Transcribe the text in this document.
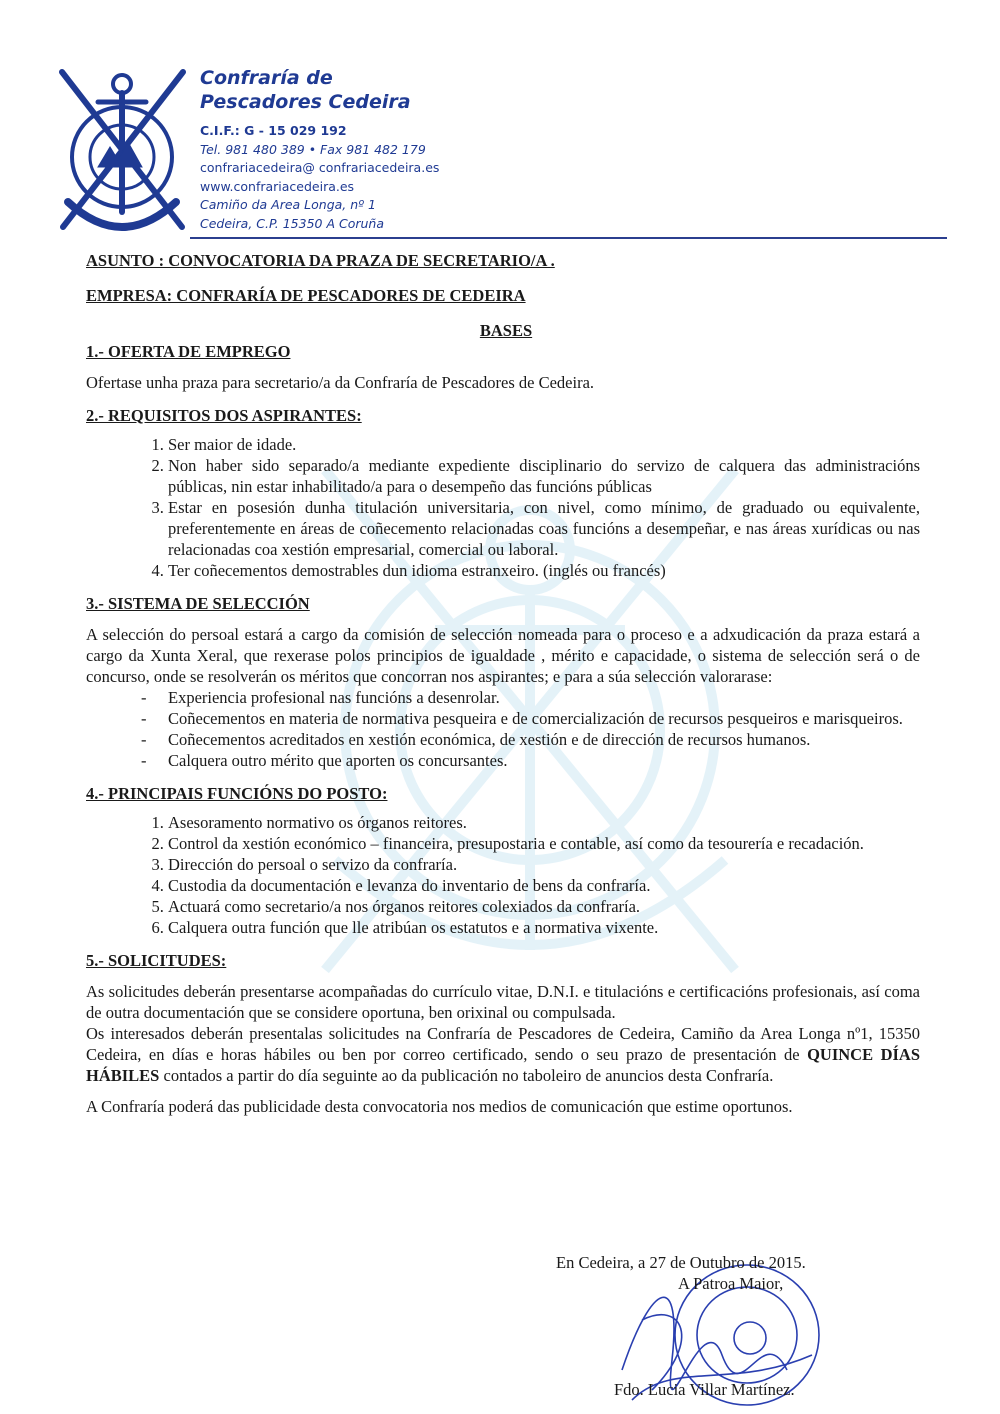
Confraría de Pescadores Cedeira
C.I.F.: G - 15 029 192
Tel. 981 480 389 • Fax 981 482 179
confrariacedeira@ confrariacedeira.es
www.confrariacedeira.es
Camiño da Area Longa, nº 1
Cedeira, C.P. 15350 A Coruña

ASUNTO : CONVOCATORIA DA PRAZA DE SECRETARIO/A .

EMPRESA: CONFRARÍA DE PESCADORES DE CEDEIRA

BASES

1.- OFERTA DE EMPREGO

Ofertase unha praza para secretario/a da Confraría de Pescadores de Cedeira.

2.- REQUISITOS DOS ASPIRANTES:

1. Ser maior de idade.
2. Non haber sido separado/a mediante expediente disciplinario do servizo de calquera das administracións públicas, nin estar inhabilitado/a para o desempeño das funcións públicas
3. Estar en posesión dunha titulación universitaria, con nivel, como mínimo, de graduado ou equivalente, preferentemente en áreas de coñecemento relacionadas coas funcións a desempeñar, e nas áreas xurídicas ou nas relacionadas coa xestión empresarial, comercial ou laboral.
4. Ter coñecementos demostrables dun idioma estranxeiro. (inglés ou francés)

3.- SISTEMA DE SELECCIÓN

A selección do persoal estará a cargo da comisión de selección nomeada para o proceso e a adxudicación da praza estará a cargo da Xunta Xeral, que rexerase polos principios de igualdade , mérito e capacidade, o sistema de selección será o de concurso, onde se resolverán os méritos que concorran nos aspirantes; e para a súa selección valorarase:

- Experiencia profesional nas funcións a desenrolar.
- Coñecementos en materia de normativa pesqueira e de comercialización de recursos pesqueiros e marisqueiros.
- Coñecementos acreditados en xestión económica, de xestión e de dirección de recursos humanos.
- Calquera outro mérito que aporten os concursantes.

4.- PRINCIPAIS FUNCIÓNS DO POSTO:

1. Asesoramento normativo os órganos reitores.
2. Control da xestión económico – financeira, presupostaria e contable, así como da tesourería e recadación.
3. Dirección do persoal o servizo da confraría.
4. Custodia da documentación e levanza do inventario de bens da confraría.
5. Actuará como secretario/a nos órganos reitores colexiados da confraría.
6. Calquera outra función que lle atribúan os estatutos e a normativa vixente.

5.- SOLICITUDES:

As solicitudes deberán presentarse acompañadas do currículo vitae, D.N.I. e titulacións e certificacións profesionais, así coma de outra documentación que se considere oportuna, ben orixinal ou compulsada.

Os interesados deberán presentalas solicitudes na Confraría de Pescadores de Cedeira, Camiño da Area Longa nº1, 15350 Cedeira, en días e horas hábiles ou ben por correo certificado, sendo o seu prazo de presentación de QUINCE DÍAS HÁBILES contados a partir do día seguinte ao da publicación no taboleiro de anuncios desta Confraría.

A Confraría poderá das publicidade desta convocatoria nos medios de comunicación que estime oportunos.

En Cedeira, a 27 de Outubro de 2015.
A Patroa Maior,
Fdo. Lucia Villar Martínez.
